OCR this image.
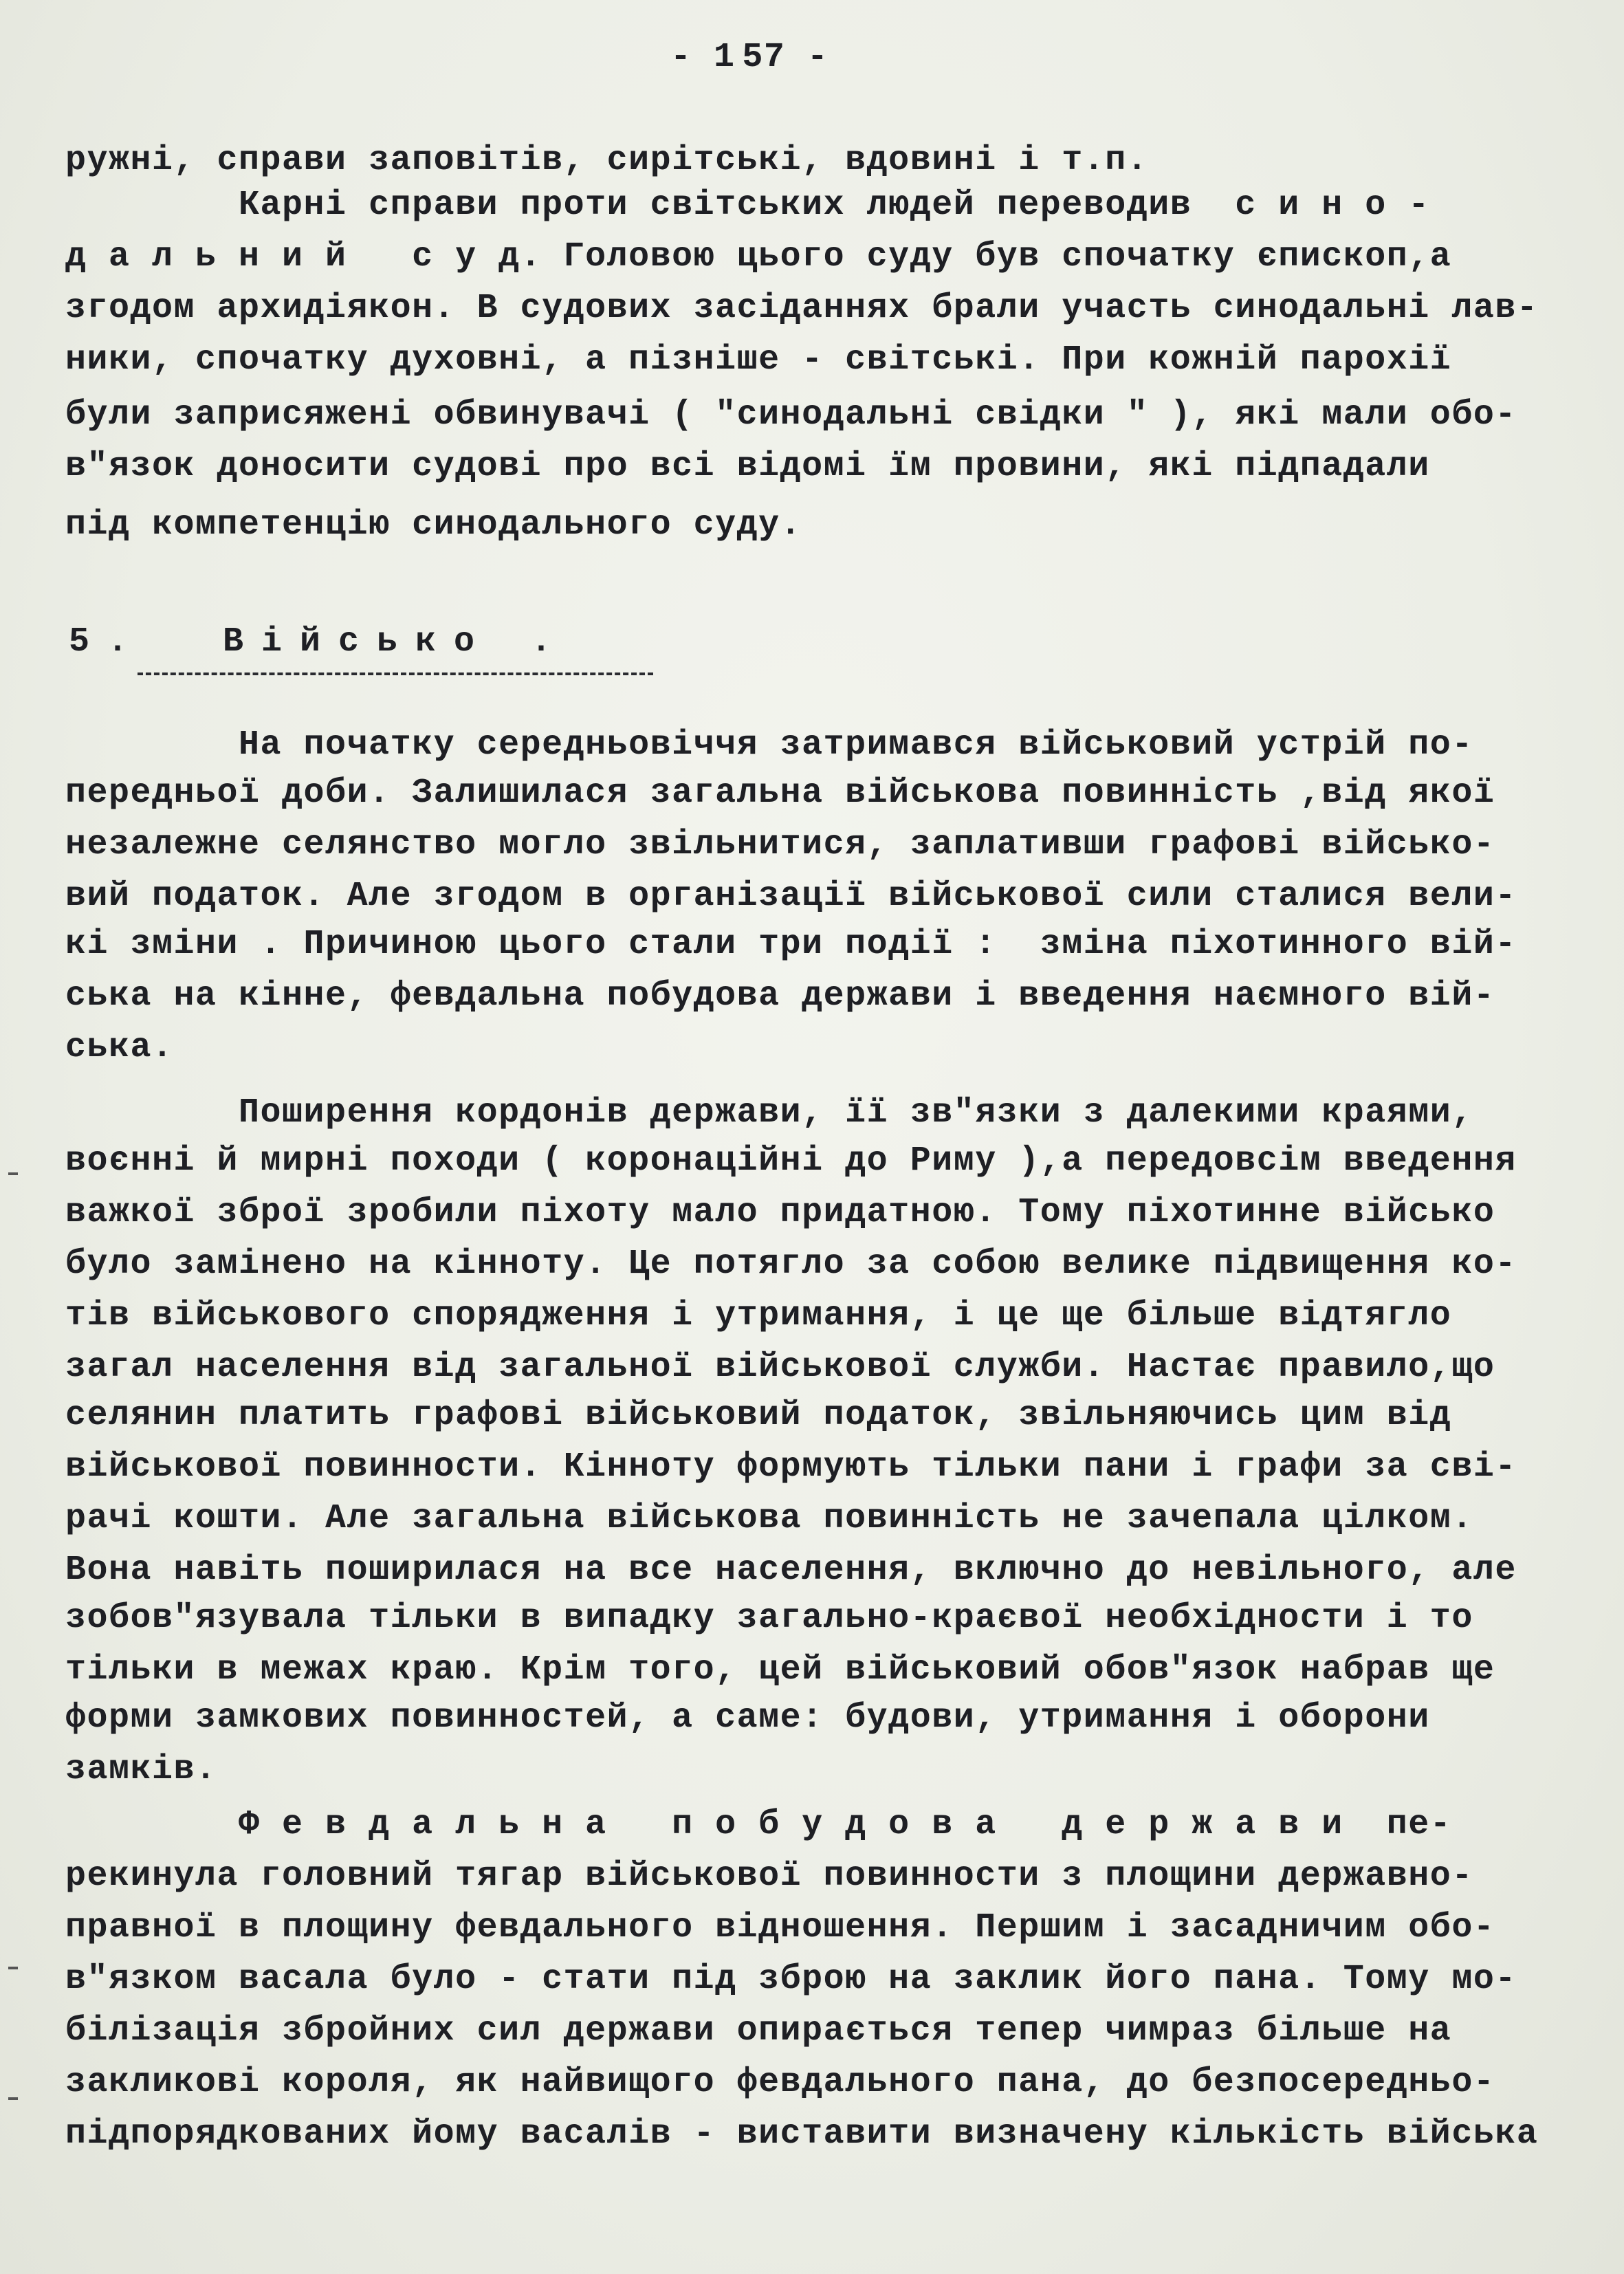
- 1 57 -
ружні, справи заповітів, сирітські, вдовині і т.п.
Карні справи проти світських людей переводив  с и н о -
д а л ь н и й   с у д. Головою цього суду був спочатку єпископ,а
згодом архидіякон. В судових засіданнях брали участь синодальні лав-
ники, спочатку духовні, а пізніше - світські. При кожній парохії
були заприсяжені обвинувачі ( "синодальні свідки " ), які мали обо-
в"язок доносити судові про всі відомі їм провини, які підпадали
під компетенцію синодального суду.
5.  Військо .
На початку середньовіччя затримався військовий устрій по-
передньої доби. Залишилася загальна військова повинність ,від якої
незалежне селянство могло звільнитися, заплативши графові військо-
вий податок. Але згодом в організації військової сили сталися вели-
кі зміни . Причиною цього стали три події :  зміна піхотинного вій-
ська на кінне, февдальна побудова держави і введення наємного вій-
ська.
Поширення кордонів держави, її зв"язки з далекими краями,
воєнні й мирні походи ( коронаційні до Риму ),а передовсім введення
важкої зброї зробили піхоту мало придатною. Тому піхотинне військо
було замінено на кінноту. Це потягло за собою велике підвищення ко-
тів військового спорядження і утримання, і це ще більше відтягло
загал населення від загальної військової служби. Настає правило,що
селянин платить графові військовий податок, звільняючись цим від
військової повинности. Кінноту формують тільки пани і графи за сві-
рачі кошти. Але загальна військова повинність не зачепала цілком.
Вона навіть поширилася на все населення, включно до невільного, але
зобов"язувала тільки в випадку загально-краєвої необхідности і то
тільки в межах краю. Крім того, цей військовий обов"язок набрав ще
форми замкових повинностей, а саме: будови, утримання і оборони
замків.
Ф е в д а л ь н а   п о б у д о в а   д е р ж а в и  пе-
рекинула головний тягар військової повинности з площини державно-
правної в площину февдального відношення. Першим і засадничим обо-
в"язком васала було - стати під зброю на заклик його пана. Тому мо-
білізація збройних сил держави опирається тепер чимраз більше на
закликові короля, як найвищого февдального пана, до безпосередньо-
підпорядкованих йому васалів - виставити визначену кількість війська
